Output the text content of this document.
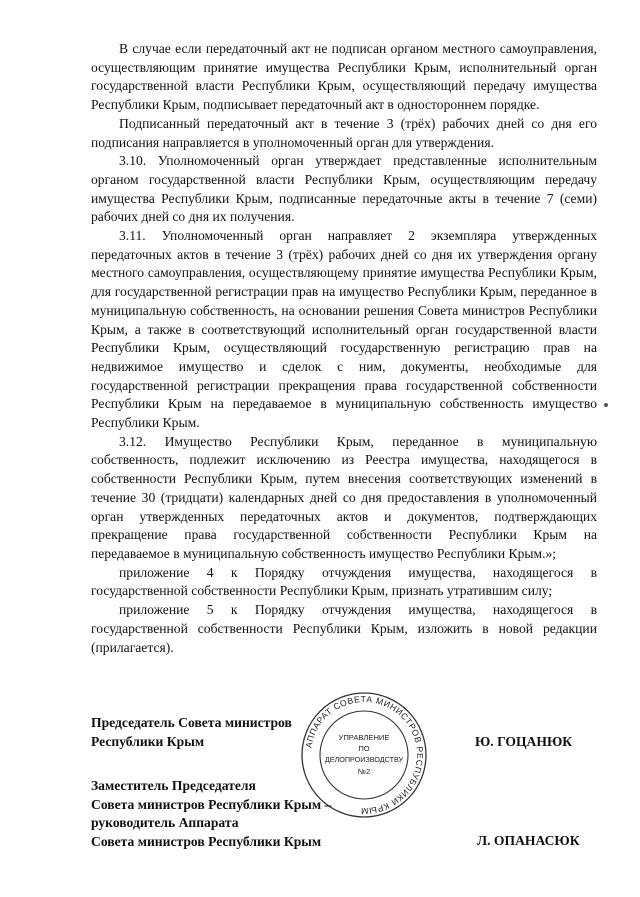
В случае если передаточный акт не подписан органом местного самоуправления, осуществляющим принятие имущества Республики Крым, исполнительный орган государственной власти Республики Крым, осуществляющий передачу имущества Республики Крым, подписывает передаточный акт в одностороннем порядке.

Подписанный передаточный акт в течение 3 (трёх) рабочих дней со дня его подписания направляется в уполномоченный орган для утверждения.

3.10. Уполномоченный орган утверждает представленные исполнительным органом государственной власти Республики Крым, осуществляющим передачу имущества Республики Крым, подписанные передаточные акты в течение 7 (семи) рабочих дней со дня их получения.

3.11. Уполномоченный орган направляет 2 экземпляра утвержденных передаточных актов в течение 3 (трёх) рабочих дней со дня их утверждения органу местного самоуправления, осуществляющему принятие имущества Республики Крым, для государственной регистрации прав на имущество Республики Крым, переданное в муниципальную собственность, на основании решения Совета министров Республики Крым, а также в соответствующий исполнительный орган государственной власти Республики Крым, осуществляющий государственную регистрацию прав на недвижимое имущество и сделок с ним, документы, необходимые для государственной регистрации прекращения права государственной собственности Республики Крым на передаваемое в муниципальную собственность имущество Республики Крым.

3.12. Имущество Республики Крым, переданное в муниципальную собственность, подлежит исключению из Реестра имущества, находящегося в собственности Республики Крым, путем внесения соответствующих изменений в течение 30 (тридцати) календарных дней со дня предоставления в уполномоченный орган утвержденных передаточных актов и документов, подтверждающих прекращение права государственной собственности Республики Крым на передаваемое в муниципальную собственность имущество Республики Крым.»;

приложение 4 к Порядку отчуждения имущества, находящегося в государственной собственности Республики Крым, признать утратившим силу;

приложение 5 к Порядку отчуждения имущества, находящегося в государственной собственности Республики Крым, изложить в новой редакции (прилагается).

АППАРАТ СОВЕТА МИНИСТРОВ РЕСПУБЛИКИ КРЫМ
УПРАВЛЕНИЕ
ПО
ДЕЛОПРОИЗВОДСТВУ
№2
Председатель Совета министров
Республики Крым	Ю. ГОЦАНЮК
Заместитель Председателя
Совета министров Республики Крым –
руководитель Аппарата
Совета министров Республики Крым	Л. ОПАНАСЮК
